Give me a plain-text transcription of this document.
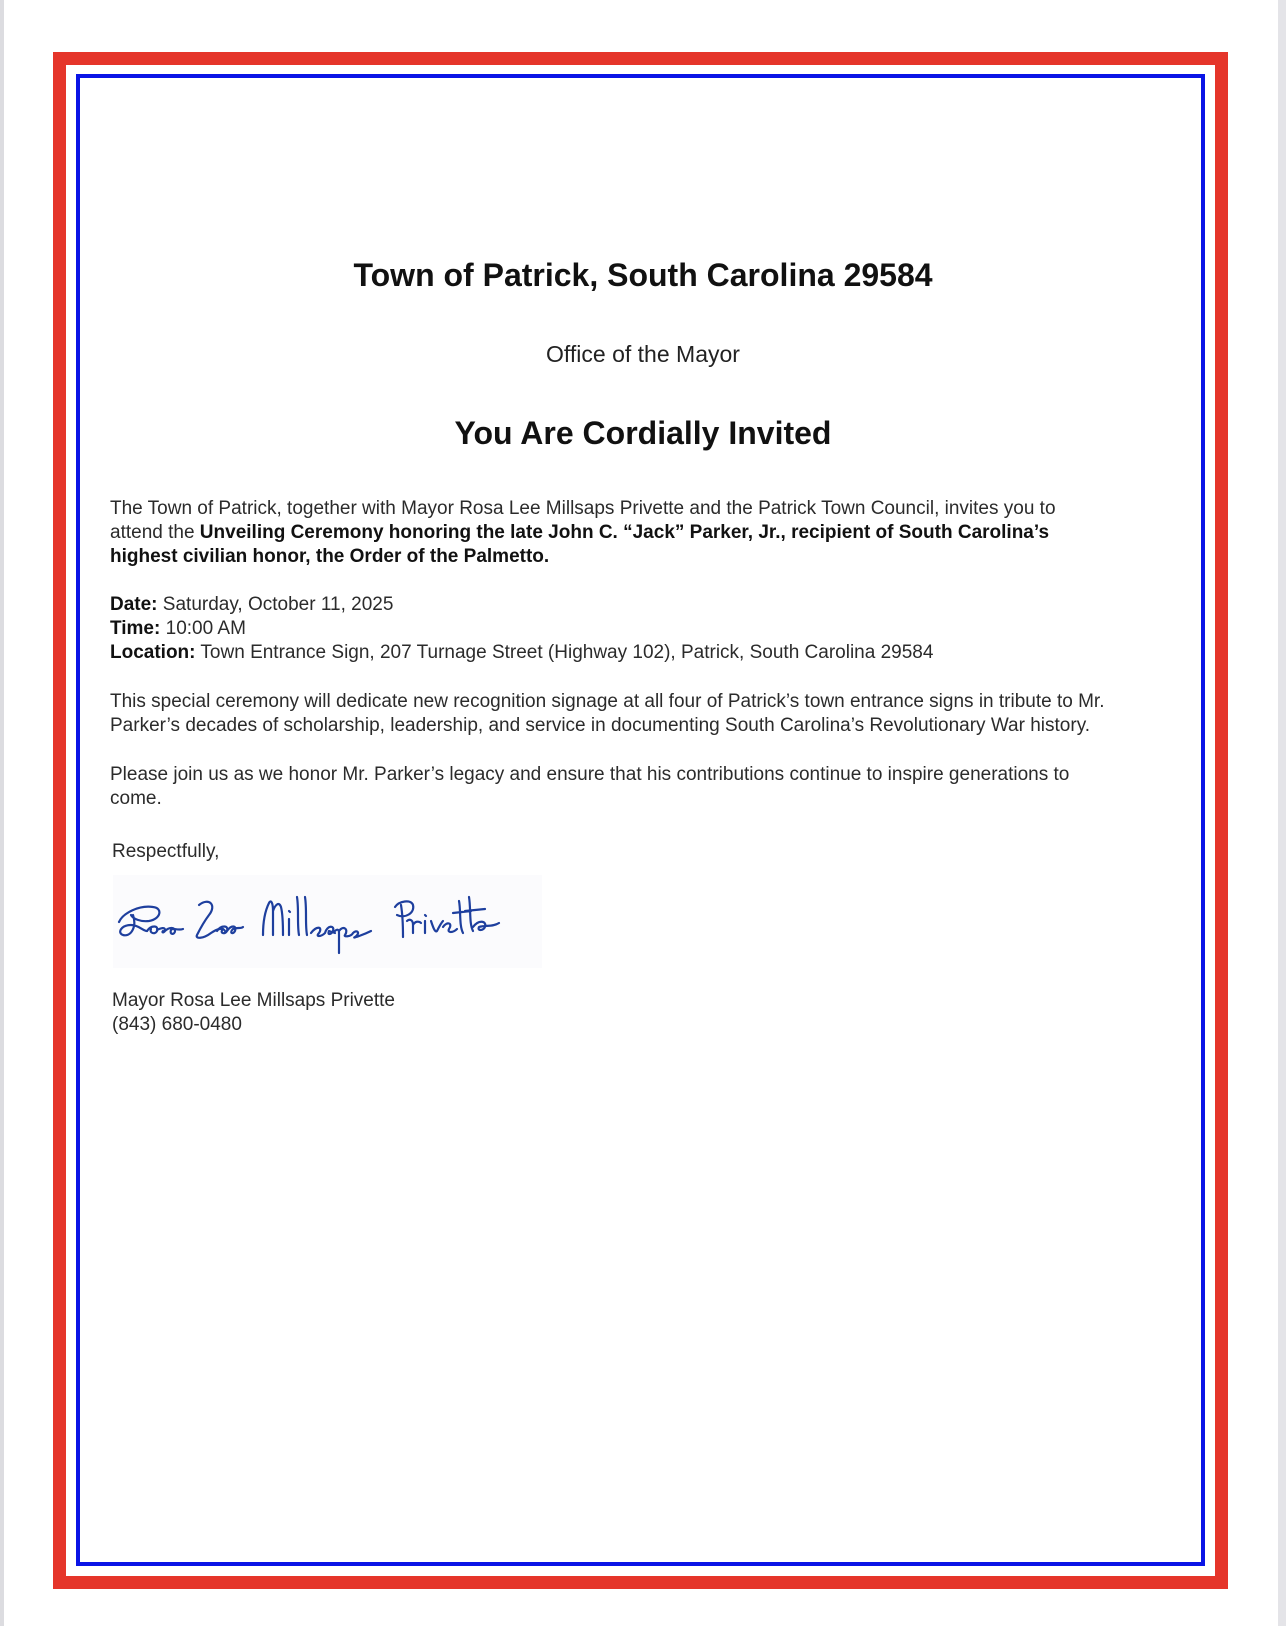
Town of Patrick, South Carolina 29584
Office of the Mayor
You Are Cordially Invited
The Town of Patrick, together with Mayor Rosa Lee Millsaps Privette and the Patrick Town Council, invites you to
attend the Unveiling Ceremony honoring the late John C. “Jack” Parker, Jr., recipient of South Carolina’s
highest civilian honor, the Order of the Palmetto.
Date: Saturday, October 11, 2025
Time: 10:00 AM
Location: Town Entrance Sign, 207 Turnage Street (Highway 102), Patrick, South Carolina 29584
This special ceremony will dedicate new recognition signage at all four of Patrick’s town entrance signs in tribute to Mr.
Parker’s decades of scholarship, leadership, and service in documenting South Carolina’s Revolutionary War history.
Please join us as we honor Mr. Parker’s legacy and ensure that his contributions continue to inspire generations to
come.
Respectfully,
Mayor Rosa Lee Millsaps Privette
(843) 680-0480
